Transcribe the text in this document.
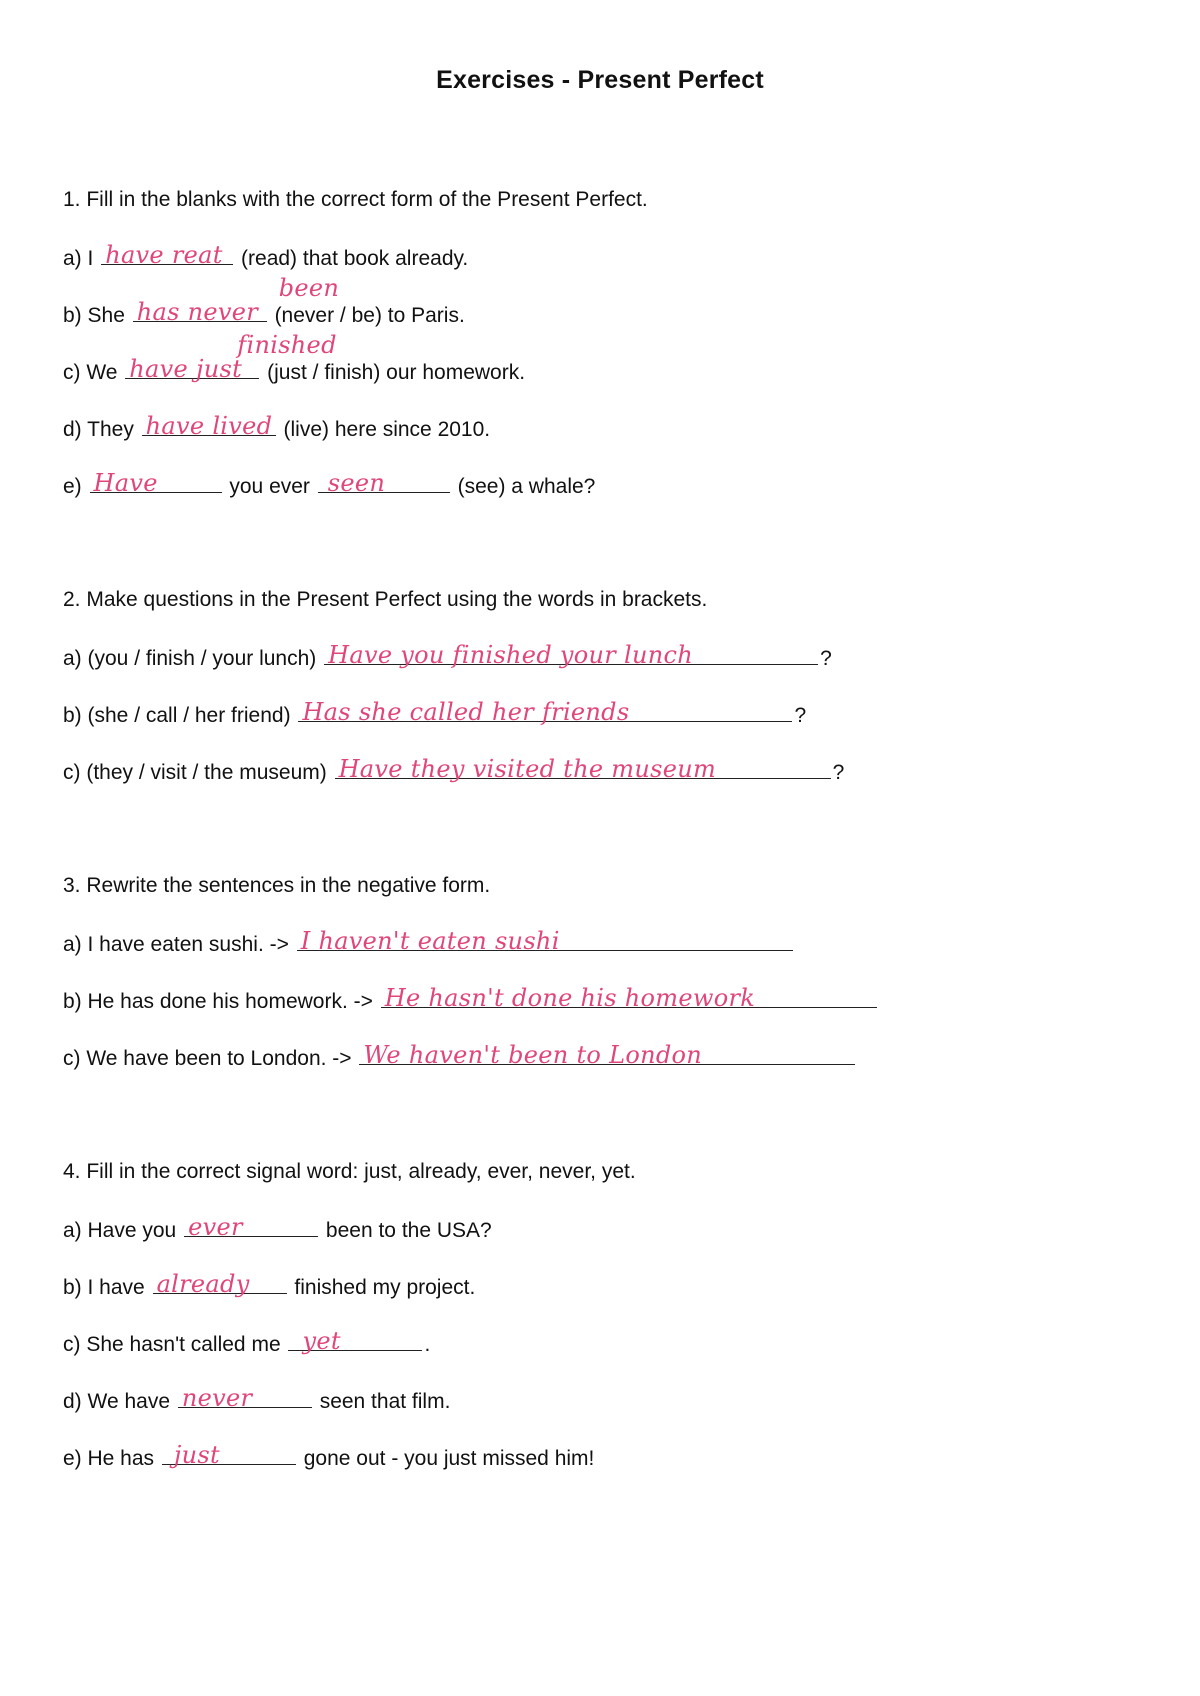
Exercises - Present Perfect
1. Fill in the blanks with the correct form of the Present Perfect.
a) I have reat (read) that book already.
b) She has never
been
(never / be) to Paris.
c) We have just
finished
(just / finish) our homework.
d) They have lived (live) here since 2010.
e) Have	you ever seen	(see) a whale?
2. Make questions in the Present Perfect using the words in brackets.
a) (you / finish / your lunch) Have you finished your lunch	?
b) (she / call / her friend) Has she called her friends	?
c) (they / visit / the museum) Have they visited the museum	?
3. Rewrite the sentences in the negative form.
a) I have eaten sushi. -> I haven't eaten sushi
b) He has done his homework. -> He hasn't done his homework
c) We have been to London. -> We haven't been to London
4. Fill in the correct signal word: just, already, ever, never, yet.
a) Have you ever	been to the USA?
b) I have already finished my project.
c) She hasn't called me yet	.
d) We have never	seen that film.
e) He has just	gone out - you just missed him!
